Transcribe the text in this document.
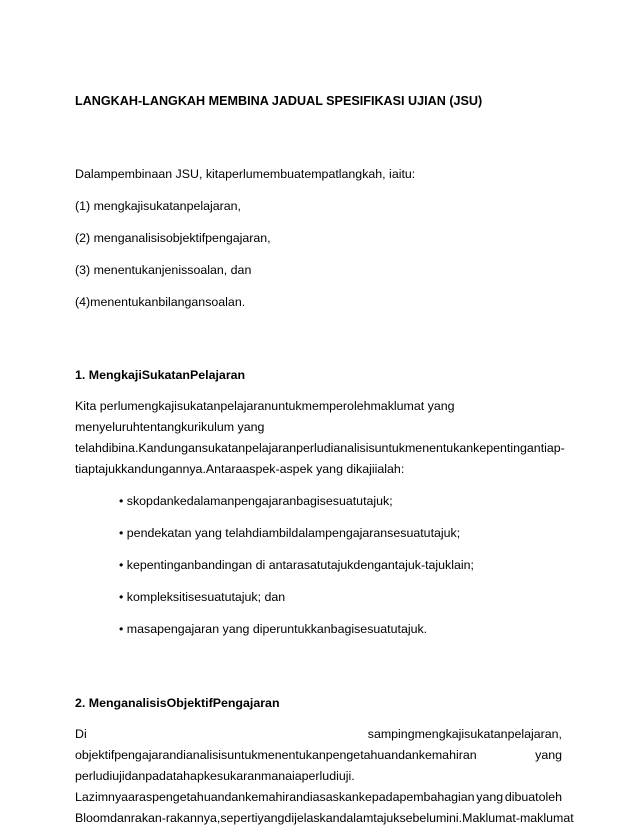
LANGKAH-LANGKAH MEMBINA JADUAL SPESIFIKASI UJIAN (JSU)
Dalampembinaan JSU, kitaperlumembuatempatlangkah, iaitu:
(1) mengkajisukatanpelajaran,
(2) menganalisisobjektifpengajaran,
(3) menentukanjenissoalan, dan
(4)menentukanbilangansoalan.
1. MengkajiSukatanPelajaran
Kita perlumengkajisukatanpelajaranuntukmemperolehmaklumat yang
menyeluruhtentangkurikulum yang
telahdibina.Kandungansukatanpelajaranperludianalisisuntukmenentukankepentingantiap-
tiaptajukkandungannya.Antaraaspek-aspek yang dikajiialah:
• skopdankedalamanpengajaranbagisesuatutajuk;
• pendekatan yang telahdiambildalampengajaransesuatutajuk;
• kepentinganbandingan di antarasatutajukdengantajuk-tajuklain;
• kompleksitisesuatutajuk; dan
• masapengajaran yang diperuntukkanbagisesuatutajuk.
2. MenganalisisObjektifPengajaran
Di	sampingmengkajisukatanpelajaran,
objektifpengajarandianalisisuntukmenentukanpengetahuandankemahiran	yang
perludiujidanpadatahapkesukaranmanaiaperludiuji.
Lazimnyaaraspengetahuandankemahirandiasaskankepadapembahagian yang dibuatoleh
Bloom danrakan-rakannya, seperti yang dijelaskandalamtajuksebelumini. Maklumat-maklumat
